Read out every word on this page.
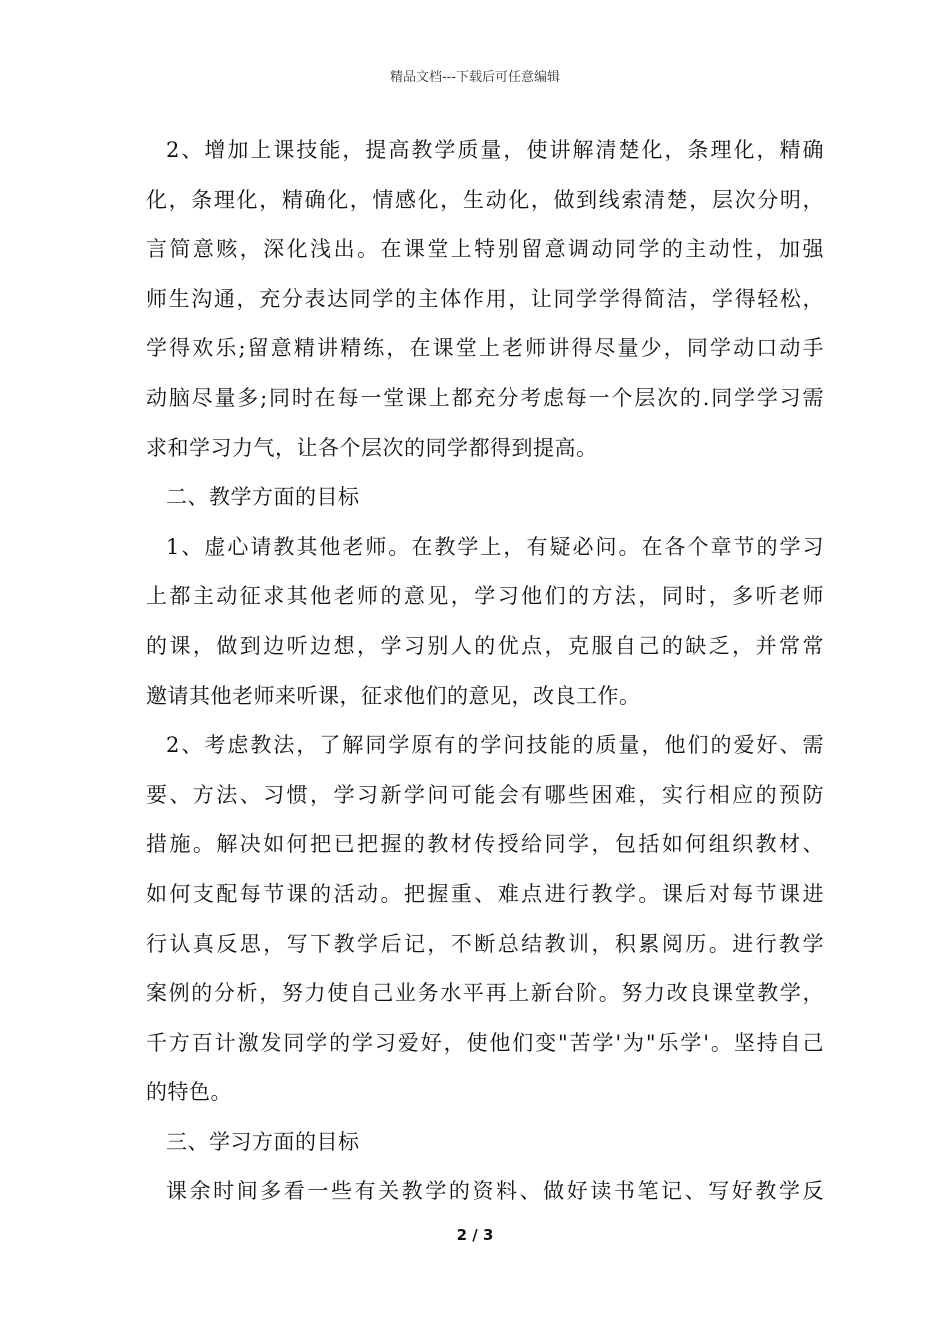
精品文档---下载后可任意编辑
2、增加上课技能，提高教学质量，使讲解清楚化，条理化，精确
化，条理化，精确化，情感化，生动化，做到线索清楚，层次分明，
言简意赅，深化浅出。在课堂上特别留意调动同学的主动性，加强
师生沟通，充分表达同学的主体作用，让同学学得简洁，学得轻松，
学得欢乐;留意精讲精练，在课堂上老师讲得尽量少，同学动口动手
动脑尽量多;同时在每一堂课上都充分考虑每一个层次的.同学学习需
求和学习力气，让各个层次的同学都得到提高。
二、教学方面的目标
1、虚心请教其他老师。在教学上，有疑必问。在各个章节的学习
上都主动征求其他老师的意见，学习他们的方法，同时，多听老师
的课，做到边听边想，学习别人的优点，克服自己的缺乏，并常常
邀请其他老师来听课，征求他们的意见，改良工作。
2、考虑教法，了解同学原有的学问技能的质量，他们的爱好、需
要、方法、习惯，学习新学问可能会有哪些困难，实行相应的预防
措施。解决如何把已把握的教材传授给同学，包括如何组织教材、
如何支配每节课的活动。把握重、难点进行教学。课后对每节课进
行认真反思，写下教学后记，不断总结教训，积累阅历。进行教学
案例的分析，努力使自己业务水平再上新台阶。努力改良课堂教学，
千方百计激发同学的学习爱好，使他们变"苦学'为"乐学'。坚持自己
的特色。
三、学习方面的目标
课余时间多看一些有关教学的资料、做好读书笔记、写好教学反
2 / 3
